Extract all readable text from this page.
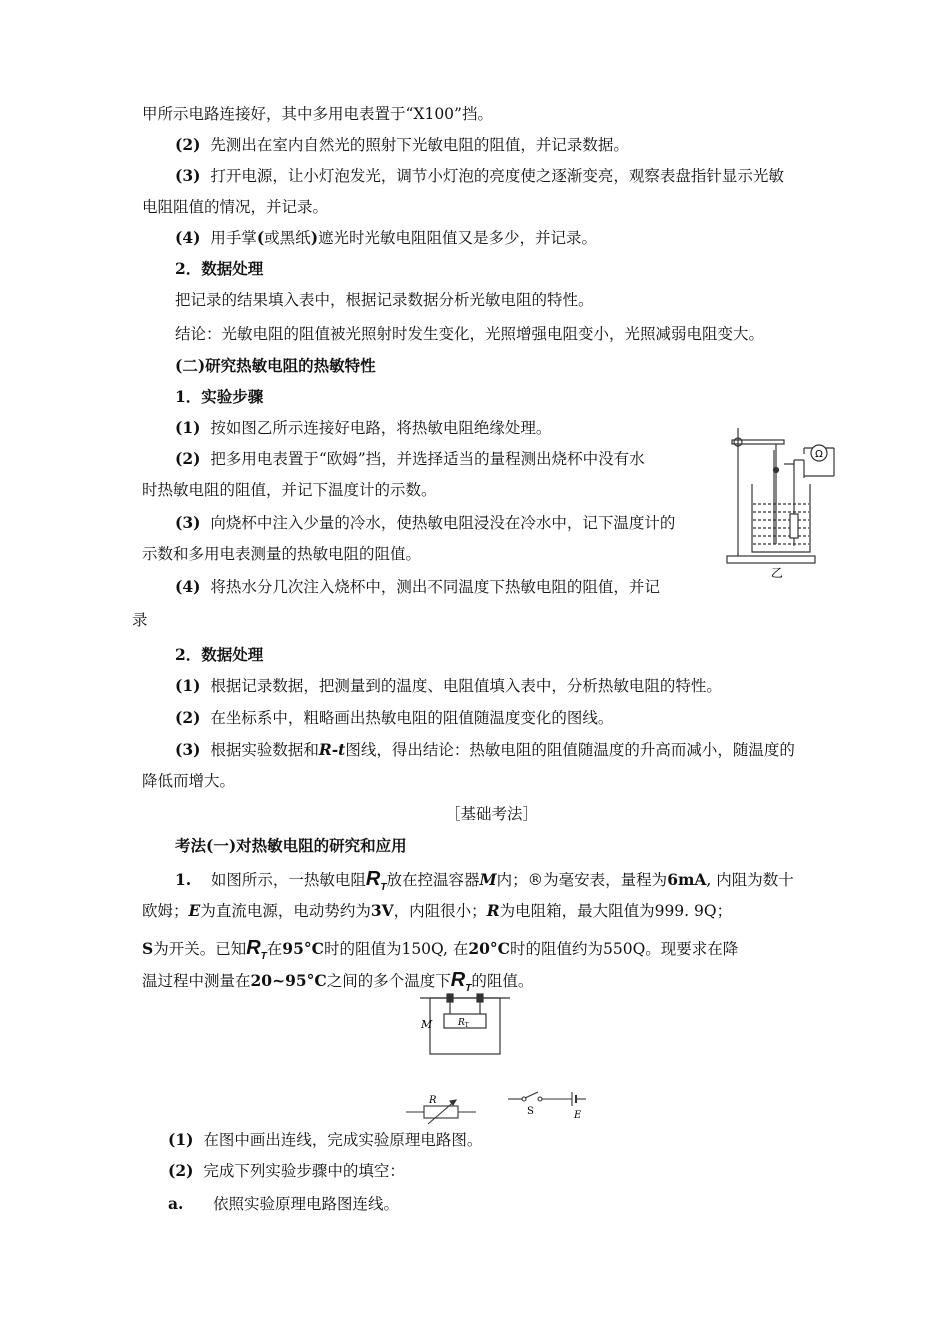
甲所示电路连接好，其中多用电表置于“X100”挡。
(2) 先测出在室内自然光的照射下光敏电阻的阻值，并记录数据。
(3) 打开电源，让小灯泡发光，调节小灯泡的亮度使之逐渐变亮，观察表盘指针显示光敏
电阻阻值的情况，并记录。
(4) 用手掌(或黑纸)遮光时光敏电阻阻值又是多少，并记录。
2．数据处理
把记录的结果填入表中，根据记录数据分析光敏电阻的特性。
结论：光敏电阻的阻值被光照射时发生变化，光照增强电阻变小，光照减弱电阻变大。
(二)研究热敏电阻的热敏特性
1．实验步骤
(1) 按如图乙所示连接好电路，将热敏电阻绝缘处理。
(2) 把多用电表置于“欧姆”挡，并选择适当的量程测出烧杯中没有水
时热敏电阻的阻值，并记下温度计的示数。
(3) 向烧杯中注入少量的冷水，使热敏电阻浸没在冷水中，记下温度计的
示数和多用电表测量的热敏电阻的阻值。
(4) 将热水分几次注入烧杯中，测出不同温度下热敏电阻的阻值，并记
录
Ω
乙
2．数据处理
(1) 根据记录数据，把测量到的温度、电阻值填入表中，分析热敏电阻的特性。
(2) 在坐标系中，粗略画出热敏电阻的阻值随温度变化的图线。
(3) 根据实验数据和R-t图线，得出结论：热敏电阻的阻值随温度的升高而减小，随温度的
降低而增大。
［基础考法］
考法(一)对热敏电阻的研究和应用
1. 如图所示，一热敏电阻$R_T$放在控温容器M内；®为毫安表，量程为6mA, 内阻为数十
欧姆；E为直流电源，电动势约为3V，内阻很小；R为电阻箱，最大阻值为999. 9Q；
S为开关。已知$R_T$在95°C时的阻值为150Q, 在20°C时的阻值约为550Q。现要求在降
温过程中测量在20~95°C之间的多个温度下$R_T$的阻值。
M	$R_T$
R
S	E
(1) 在图中画出连线，完成实验原理电路图。
(2) 完成下列实验步骤中的填空：
a. 依照实验原理电路图连线。
